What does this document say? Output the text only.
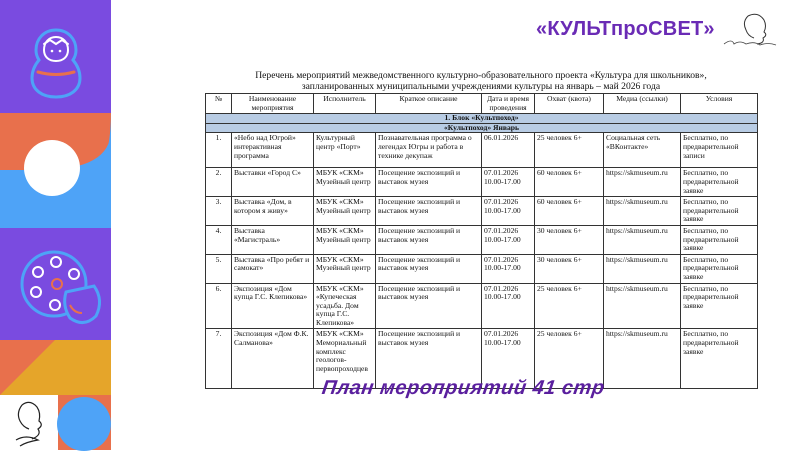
«КУЛЬТпроСВЕТ»
Перечень мероприятий межведомственного культурно-образовательного проекта «Культура для школьников»,
запланированных муниципальными учреждениями культуры на январь – май 2026 года
№	Наименование мероприятия	Исполнитель	Краткое описание	Дата и время проведения	Охват (квота)	Медиа (ссылки)	Условия
1. Блок «Культпоход»							
«Культпоход» Январь							
1.	«Небо над Югрой» интерактивная программа	Культурный центр «Порт»	Познавательная программа о легендах Югры и работа в технике декупаж	06.01.2026	25 человек 6+	Социальная сеть «ВКонтакте»	Бесплатно, по предварительной записи
2.	Выставки «Город С»	МБУК «СКМ» Музейный центр	Посещение экспозиций и выставок музея	07.01.2026 10.00-17.00	60 человек 6+	https://skmuseum.ru	Бесплатно, по предварительной заявке
3.	Выставка «Дом, в котором я живу»	МБУК «СКМ» Музейный центр	Посещение экспозиций и выставок музея	07.01.2026 10.00-17.00	60 человек 6+	https://skmuseum.ru	Бесплатно, по предварительной заявке
4.	Выставка «Магистраль»	МБУК «СКМ» Музейный центр	Посещение экспозиций и выставок музея	07.01.2026 10.00-17.00	30 человек 6+	https://skmuseum.ru	Бесплатно, по предварительной заявке
5.	Выставка «Про ребят и самокат»	МБУК «СКМ» Музейный центр	Посещение экспозиций и выставок музея	07.01.2026 10.00-17.00	30 человек 6+	https://skmuseum.ru	Бесплатно, по предварительной заявке
6.	Экспозиция «Дом купца Г.С. Клепикова»	МБУК «СКМ» «Купеческая усадьба. Дом купца Г.С. Клепикова»	Посещение экспозиций и выставок музея	07.01.2026 10.00-17.00	25 человек 6+	https://skmuseum.ru	Бесплатно, по предварительной заявке
7.	Экспозиция «Дом Ф.К. Салманова»	МБУК «СКМ» Мемориальный комплекс геологов-первопроходцев	Посещение экспозиций и выставок музея	07.01.2026 10.00-17.00	25 человек 6+	https://skmuseum.ru	Бесплатно, по предварительной заявке
План мероприятий 41 стр
